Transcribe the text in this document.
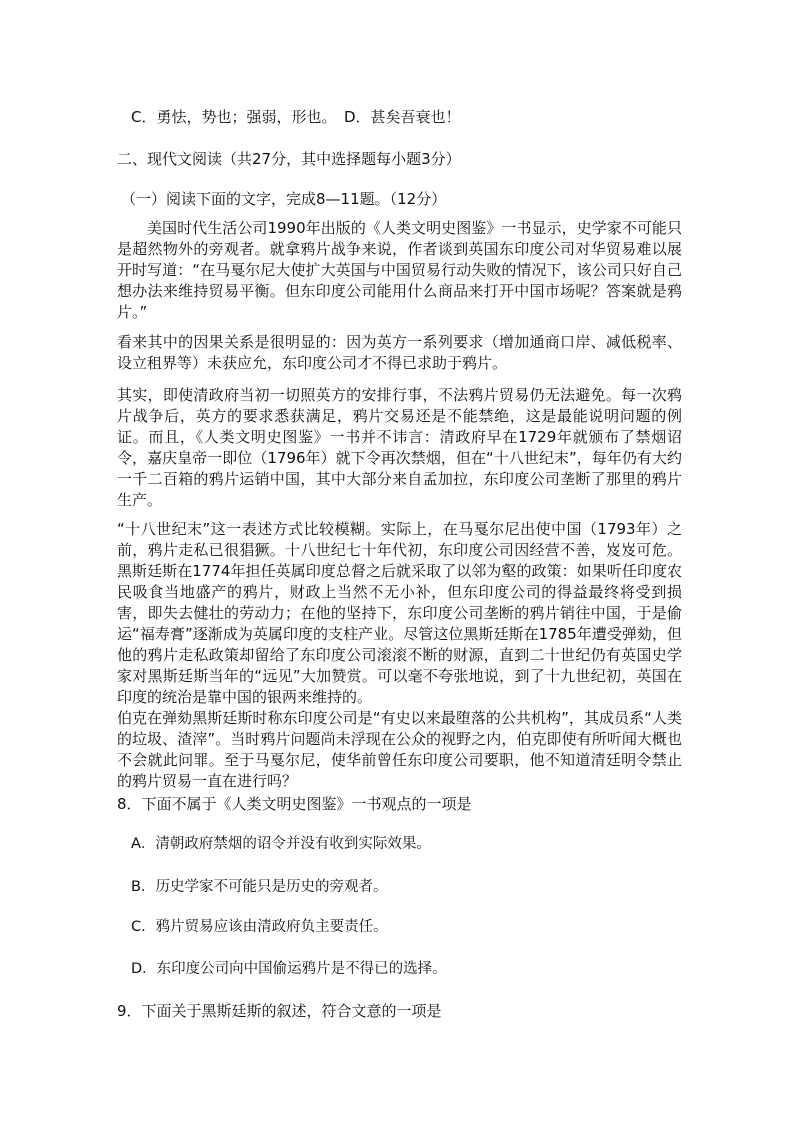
C．勇怯，势也；强弱，形也。　D．甚矣吾衰也！
二、现代文阅读（共27分，其中选择题每小题3分）
（一）阅读下面的文字，完成8—11题。（12分）

美国时代生活公司1990年出版的《人类文明史图鉴》一书显示，史学家不可能只是超然物外的旁观者。就拿鸦片战争来说，作者谈到英国东印度公司对华贸易难以展开时写道：“在马戛尔尼大使扩大英国与中国贸易行动失败的情况下，该公司只好自己想办法来维持贸易平衡。但东印度公司能用什么商品来打开中国市场呢？答案就是鸦片。”

看来其中的因果关系是很明显的：因为英方一系列要求（增加通商口岸、减低税率、设立租界等）未获应允，东印度公司才不得已求助于鸦片。

其实，即使清政府当初一切照英方的安排行事，不法鸦片贸易仍无法避免。每一次鸦片战争后，英方的要求悉获满足，鸦片交易还是不能禁绝，这是最能说明问题的例证。而且，《人类文明史图鉴》一书并不讳言：清政府早在1729年就颁布了禁烟诏令，嘉庆皇帝一即位（1796年）就下令再次禁烟，但在“十八世纪末”，每年仍有大约一千二百箱的鸦片运销中国，其中大部分来自孟加拉，东印度公司垄断了那里的鸦片生产。

“十八世纪末”这一表述方式比较模糊。实际上，在马戛尔尼出使中国（1793年）之前，鸦片走私已很猖獗。十八世纪七十年代初，东印度公司因经营不善，岌岌可危。黑斯廷斯在1774年担任英属印度总督之后就采取了以邻为壑的政策：如果听任印度农民吸食当地盛产的鸦片，财政上当然不无小补，但东印度公司的得益最终将受到损害，即失去健壮的劳动力；在他的坚持下，东印度公司垄断的鸦片销往中国，于是偷运“福寿膏”逐渐成为英属印度的支柱产业。尽管这位黑斯廷斯在1785年遭受弹劾，但他的鸦片走私政策却留给了东印度公司滚滚不断的财源，直到二十世纪仍有英国史学家对黑斯廷斯当年的“远见”大加赞赏。可以毫不夸张地说，到了十九世纪初，英国在印度的统治是靠中国的银两来维持的。

伯克在弹劾黑斯廷斯时称东印度公司是“有史以来最堕落的公共机构”，其成员系“人类的垃圾、渣滓”。当时鸦片问题尚未浮现在公众的视野之内，伯克即使有所听闻大概也不会就此问罪。至于马戛尔尼，使华前曾任东印度公司要职，他不知道清廷明令禁止的鸦片贸易一直在进行吗？

8．下面不属于《人类文明史图鉴》一书观点的一项是
A．清朝政府禁烟的诏令并没有收到实际效果。
B．历史学家不可能只是历史的旁观者。
C．鸦片贸易应该由清政府负主要责任。
D．东印度公司向中国偷运鸦片是不得已的选择。
9．下面关于黑斯廷斯的叙述，符合文意的一项是
